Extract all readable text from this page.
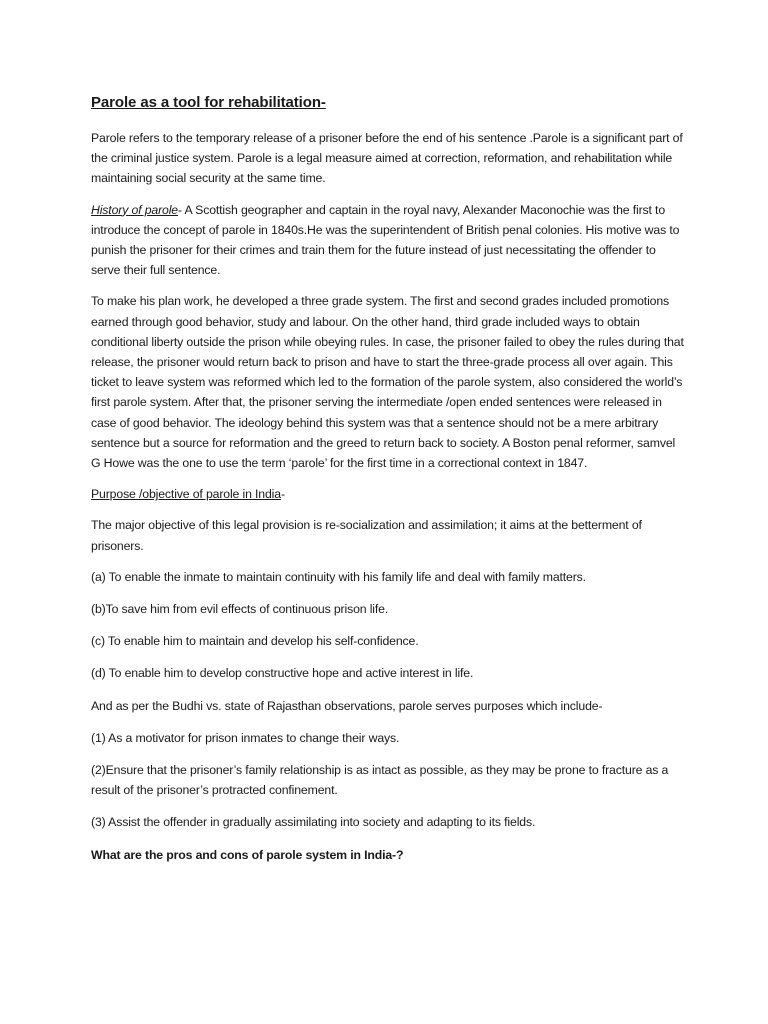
Parole as a tool for rehabilitation-

Parole refers to the temporary release of a prisoner before the end of his sentence .Parole is a significant part of the criminal justice system. Parole is a legal measure aimed at correction, reformation, and rehabilitation while maintaining social security at the same time.

History of parole- A Scottish geographer and captain in the royal navy, Alexander Maconochie was the first to introduce the concept of parole in 1840s.He was the superintendent of British penal colonies. His motive was to punish the prisoner for their crimes and train them for the future instead of just necessitating the offender to serve their full sentence.

To make his plan work, he developed a three grade system. The first and second grades included promotions earned through good behavior, study and labour. On the other hand, third grade included ways to obtain conditional liberty outside the prison while obeying rules. In case, the prisoner failed to obey the rules during that release, the prisoner would return back to prison and have to start the three-grade process all over again. This ticket to leave system was reformed which led to the formation of the parole system, also considered the world’s first parole system. After that, the prisoner serving the intermediate /open ended sentences were released in case of good behavior. The ideology behind this system was that a sentence should not be a mere arbitrary sentence but a source for reformation and the greed to return back to society. A Boston penal reformer, samvel G Howe was the one to use the term ‘parole’ for the first time in a correctional context in 1847.

Purpose /objective of parole in India-

The major objective of this legal provision is re-socialization and assimilation; it aims at the betterment of prisoners.

(a) To enable the inmate to maintain continuity with his family life and deal with family matters.

(b)To save him from evil effects of continuous prison life.

(c) To enable him to maintain and develop his self-confidence.

(d) To enable him to develop constructive hope and active interest in life.

And as per the Budhi vs. state of Rajasthan observations, parole serves purposes which include-

(1) As a motivator for prison inmates to change their ways.

(2)Ensure that the prisoner’s family relationship is as intact as possible, as they may be prone to fracture as a result of the prisoner’s protracted confinement.

(3) Assist the offender in gradually assimilating into society and adapting to its fields.

What are the pros and cons of parole system in India-?
